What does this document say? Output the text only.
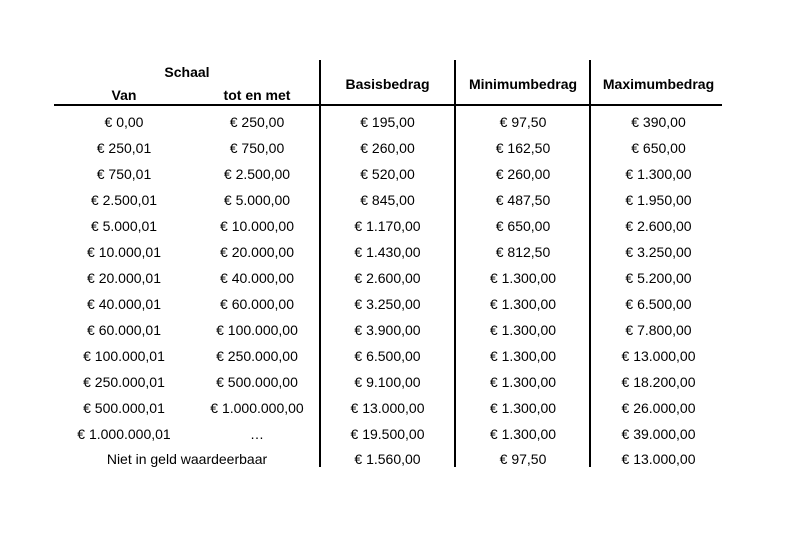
Schaal
Van	tot en met
Basisbedrag	Minimumbedrag	Maximumbedrag
€ 0,00	€ 250,00	€ 195,00	€ 97,50	€ 390,00
€ 250,01	€ 750,00	€ 260,00	€ 162,50	€ 650,00
€ 750,01	€ 2.500,00	€ 520,00	€ 260,00	€ 1.300,00
€ 2.500,01	€ 5.000,00	€ 845,00	€ 487,50	€ 1.950,00
€ 5.000,01	€ 10.000,00	€ 1.170,00	€ 650,00	€ 2.600,00
€ 10.000,01	€ 20.000,00	€ 1.430,00	€ 812,50	€ 3.250,00
€ 20.000,01	€ 40.000,00	€ 2.600,00	€ 1.300,00	€ 5.200,00
€ 40.000,01	€ 60.000,00	€ 3.250,00	€ 1.300,00	€ 6.500,00
€ 60.000,01	€ 100.000,00	€ 3.900,00	€ 1.300,00	€ 7.800,00
€ 100.000,01	€ 250.000,00	€ 6.500,00	€ 1.300,00	€ 13.000,00
€ 250.000,01	€ 500.000,00	€ 9.100,00	€ 1.300,00	€ 18.200,00
€ 500.000,01	€ 1.000.000,00	€ 13.000,00	€ 1.300,00	€ 26.000,00
€ 1.000.000,01	…	€ 19.500,00	€ 1.300,00	€ 39.000,00
Niet in geld waardeerbaar	€ 1.560,00	€ 97,50	€ 13.000,00
